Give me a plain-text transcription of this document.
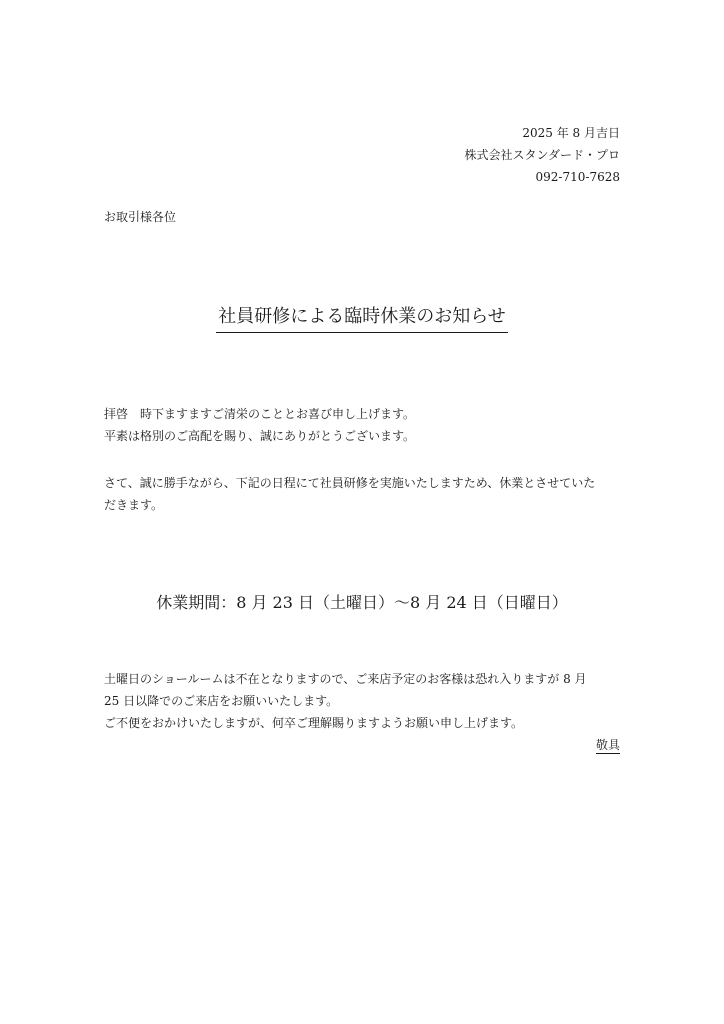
2025 年 8 月吉日
株式会社スタンダード・プロ
092‐710‐7628
お取引様各位
社員研修による臨時休業のお知らせ

拝啓　時下ますますご清栄のこととお喜び申し上げます。

平素は格別のご高配を賜り、誠にありがとうございます。

さて、誠に勝手ながら、下記の日程にて社員研修を実施いたしますため、休業とさせていた

だきます。

休業期間：8 月 23 日（土曜日）～8 月 24 日（日曜日）

土曜日のショールームは不在となりますので、ご来店予定のお客様は恐れ入りますが 8 月

25 日以降でのご来店をお願いいたします。

ご不便をおかけいたしますが、何卒ご理解賜りますようお願い申し上げます。

敬具
